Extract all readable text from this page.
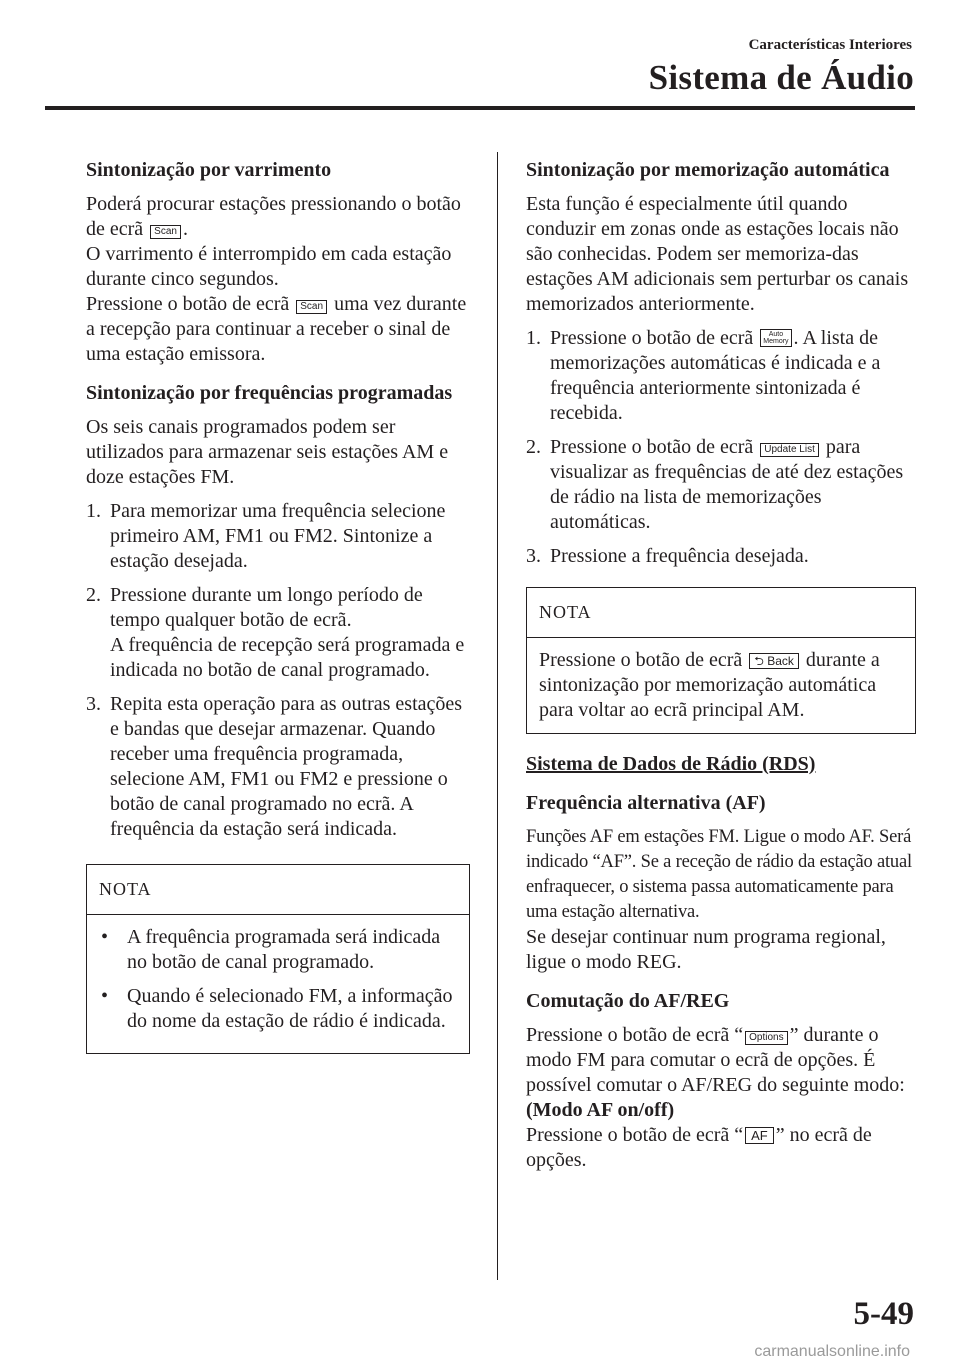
Características Interiores
Sistema de Áudio

Sintonização por varrimento

Poderá procurar estações pressionando o botão de ecrã Scan .

O varrimento é interrompido em cada estação durante cinco segundos.

Pressione o botão de ecrã Scan uma vez durante a recepção para continuar a receber o sinal de uma estação emissora.

Sintonização por frequências programadas

Os seis canais programados podem ser utilizados para armazenar seis estações AM e doze estações FM.

1. Para memorizar uma frequência selecione primeiro AM, FM1 ou FM2. Sintonize a estação desejada.
2. Pressione durante um longo período de tempo qualquer botão de ecrã.
A frequência de recepção será programada e indicada no botão de canal programado.
3. Repita esta operação para as outras estações e bandas que desejar armazenar. Quando receber uma frequência programada, selecione AM, FM1 ou FM2 e pressione o botão de canal programado no ecrã. A frequência da estação será indicada.
NOTA
• A frequência programada será indicada no botão de canal programado.
• Quando é selecionado FM, a informação do nome da estação de rádio é indicada.

Sintonização por memorização automática

Esta função é especialmente útil quando conduzir em zonas onde as estações locais não são conhecidas. Podem ser memoriza-das estações AM adicionais sem perturbar os canais memorizados anteriormente.

1. Pressione o botão de ecrã Auto
Memory . A lista de memorizações automáticas é indicada e a frequência anteriormente sintonizada é recebida.
2. Pressione o botão de ecrã Update List para visualizar as frequências de até dez estações de rádio na lista de memorizações automáticas.
3. Pressione a frequência desejada.
NOTA
Pressione o botão de ecrã ⮌ Back durante a sintonização por memorização automática para voltar ao ecrã principal AM.

Sistema de Dados de Rádio (RDS)

Frequência alternativa (AF)

Funções AF em estações FM. Ligue o modo AF. Será indicado “AF”. Se a receção de rádio da estação atual enfraquecer, o sistema passa automaticamente para uma estação alternativa.

Se desejar continuar num programa regional, ligue o modo REG.

Comutação do AF/REG

Pressione o botão de ecrã “ Options ” durante o modo FM para comutar o ecrã de opções. É possível comutar o AF/REG do seguinte modo:

(Modo AF on/off)

Pressione o botão de ecrã “ AF ” no ecrã de opções.

5-49
carmanualsonline.info
